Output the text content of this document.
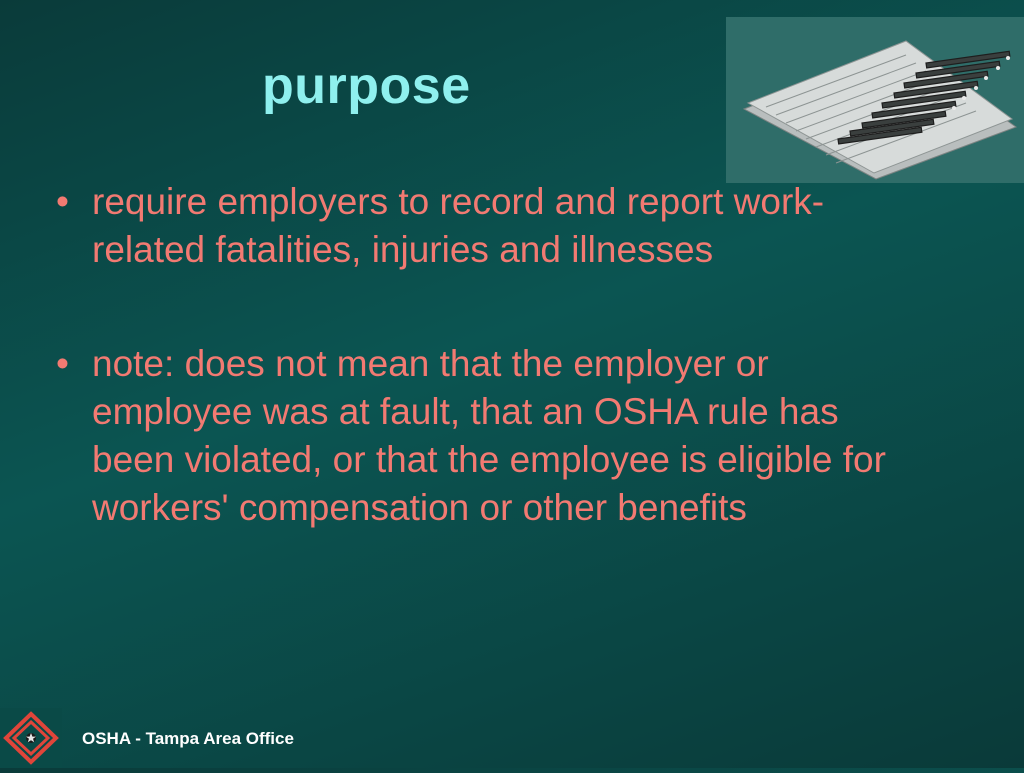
purpose
• require employers to record and report work-related fatalities, injuries and illnesses
• note: does not mean that the employer or employee was at fault, that an OSHA rule has been violated, or that the employee is eligible for workers' compensation or other benefits
OSHA - Tampa Area Office
